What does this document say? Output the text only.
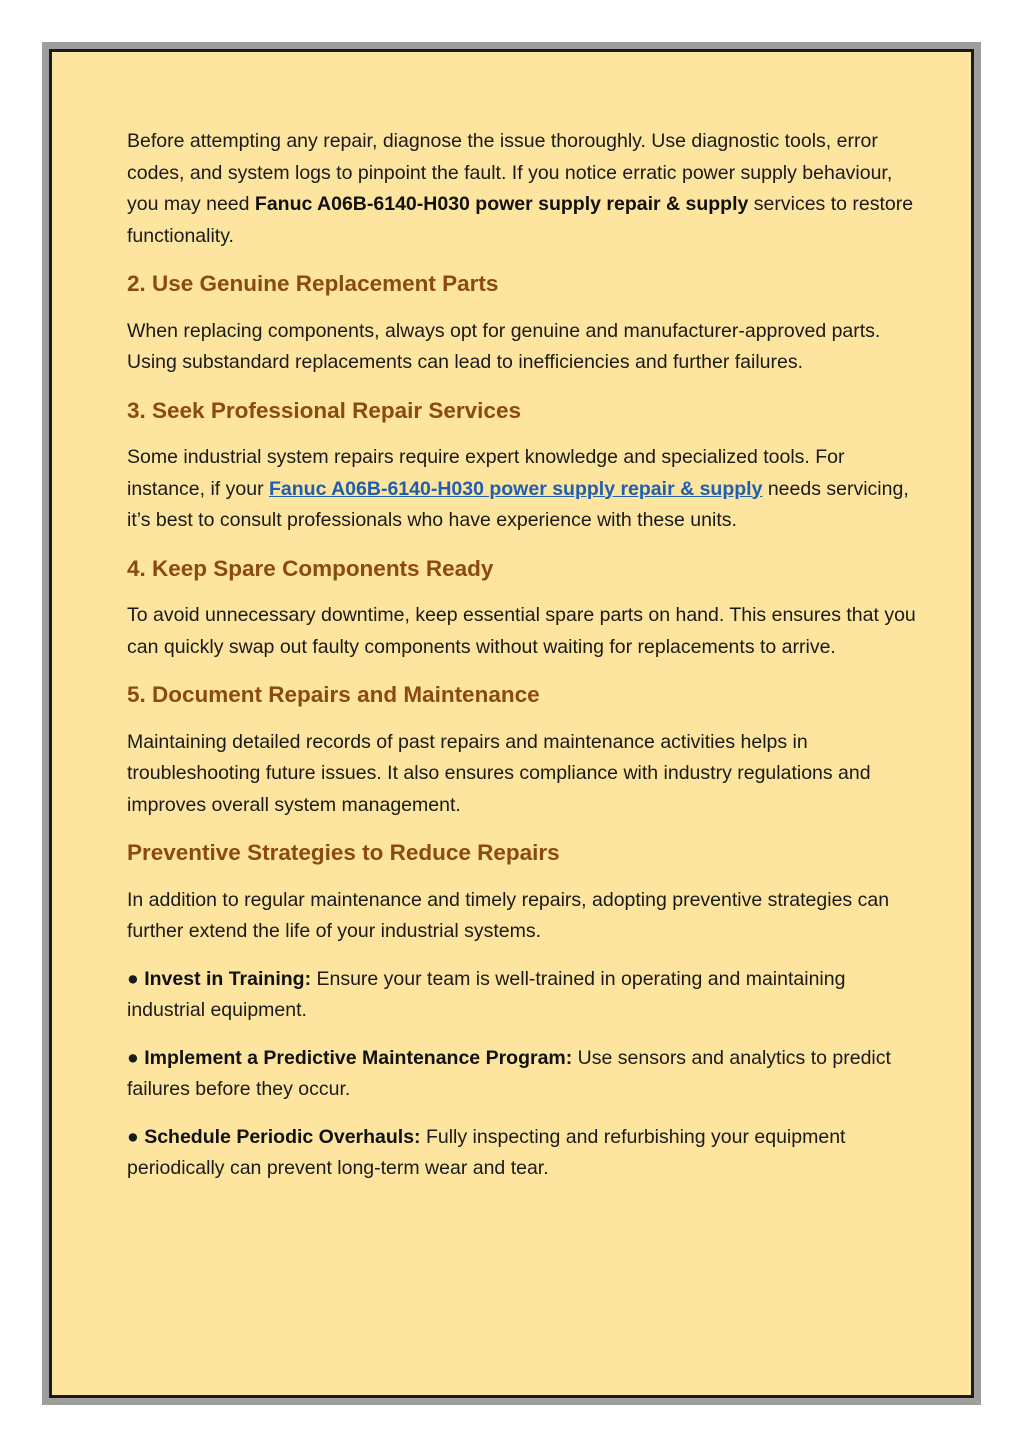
Before attempting any repair, diagnose the issue thoroughly. Use diagnostic tools, error codes, and system logs to pinpoint the fault. If you notice erratic power supply behaviour, you may need Fanuc A06B-6140-H030 power supply repair & supply services to restore functionality.

2. Use Genuine Replacement Parts

When replacing components, always opt for genuine and manufacturer-approved parts. Using substandard replacements can lead to inefficiencies and further failures.

3. Seek Professional Repair Services

Some industrial system repairs require expert knowledge and specialized tools. For instance, if your Fanuc A06B-6140-H030 power supply repair & supply needs servicing, it’s best to consult professionals who have experience with these units.

4. Keep Spare Components Ready

To avoid unnecessary downtime, keep essential spare parts on hand. This ensures that you can quickly swap out faulty components without waiting for replacements to arrive.

5. Document Repairs and Maintenance

Maintaining detailed records of past repairs and maintenance activities helps in troubleshooting future issues. It also ensures compliance with industry regulations and improves overall system management.

Preventive Strategies to Reduce Repairs

In addition to regular maintenance and timely repairs, adopting preventive strategies can further extend the life of your industrial systems.

● Invest in Training: Ensure your team is well-trained in operating and maintaining industrial equipment.

● Implement a Predictive Maintenance Program: Use sensors and analytics to predict failures before they occur.

● Schedule Periodic Overhauls: Fully inspecting and refurbishing your equipment periodically can prevent long-term wear and tear.
